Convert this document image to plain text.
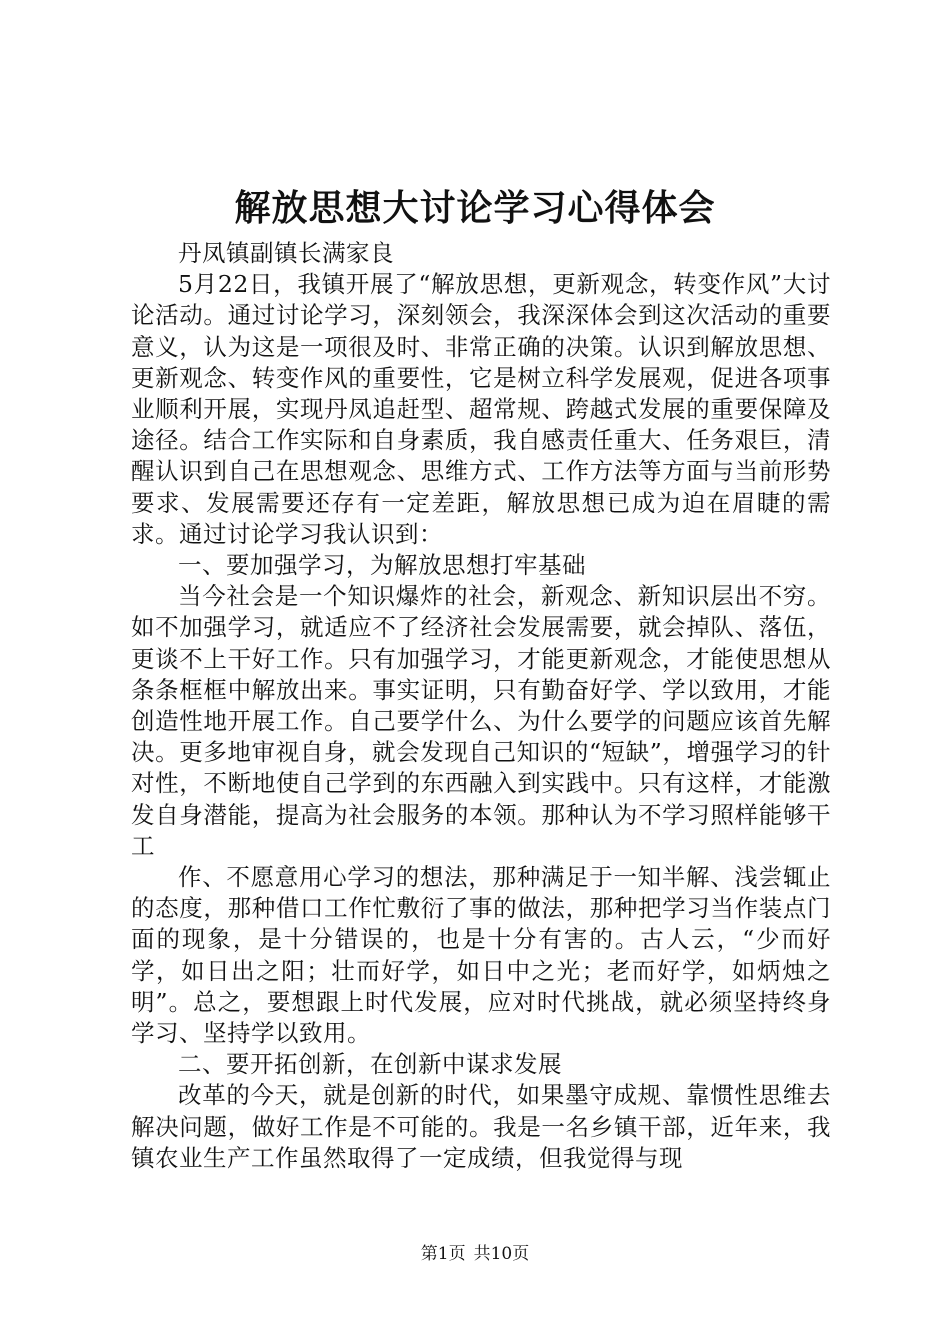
解放思想大讨论学习心得体会

丹凤镇副镇长满家良

5月22日，我镇开展了“解放思想，更新观念，转变作风”大讨论活动。通过讨论学习，深刻领会，我深深体会到这次活动的重要意义，认为这是一项很及时、非常正确的决策。认识到解放思想、更新观念、转变作风的重要性，它是树立科学发展观，促进各项事业顺利开展，实现丹凤追赶型、超常规、跨越式发展的重要保障及途径。结合工作实际和自身素质，我自感责任重大、任务艰巨，清醒认识到自己在思想观念、思维方式、工作方法等方面与当前形势要求、发展需要还存有一定差距，解放思想已成为迫在眉睫的需求。通过讨论学习我认识到：

一、要加强学习，为解放思想打牢基础

当今社会是一个知识爆炸的社会，新观念、新知识层出不穷。如不加强学习，就适应不了经济社会发展需要，就会掉队、落伍，更谈不上干好工作。只有加强学习，才能更新观念，才能使思想从条条框框中解放出来。事实证明，只有勤奋好学、学以致用，才能创造性地开展工作。自己要学什么、为什么要学的问题应该首先解决。更多地审视自身，就会发现自己知识的“短缺”，增强学习的针对性，不断地使自己学到的东西融入到实践中。只有这样，才能激发自身潜能，提高为社会服务的本领。那种认为不学习照样能够干工

作、不愿意用心学习的想法，那种满足于一知半解、浅尝辄止的态度，那种借口工作忙敷衍了事的做法，那种把学习当作装点门面的现象，是十分错误的，也是十分有害的。古人云，“少而好学，如日出之阳；壮而好学，如日中之光；老而好学，如炳烛之明”。总之，要想跟上时代发展，应对时代挑战，就必须坚持终身学习、坚持学以致用。

二、要开拓创新，在创新中谋求发展

改革的今天，就是创新的时代，如果墨守成规、靠惯性思维去解决问题，做好工作是不可能的。我是一名乡镇干部，近年来，我镇农业生产工作虽然取得了一定成绩，但我觉得与现

第1页 共10页
